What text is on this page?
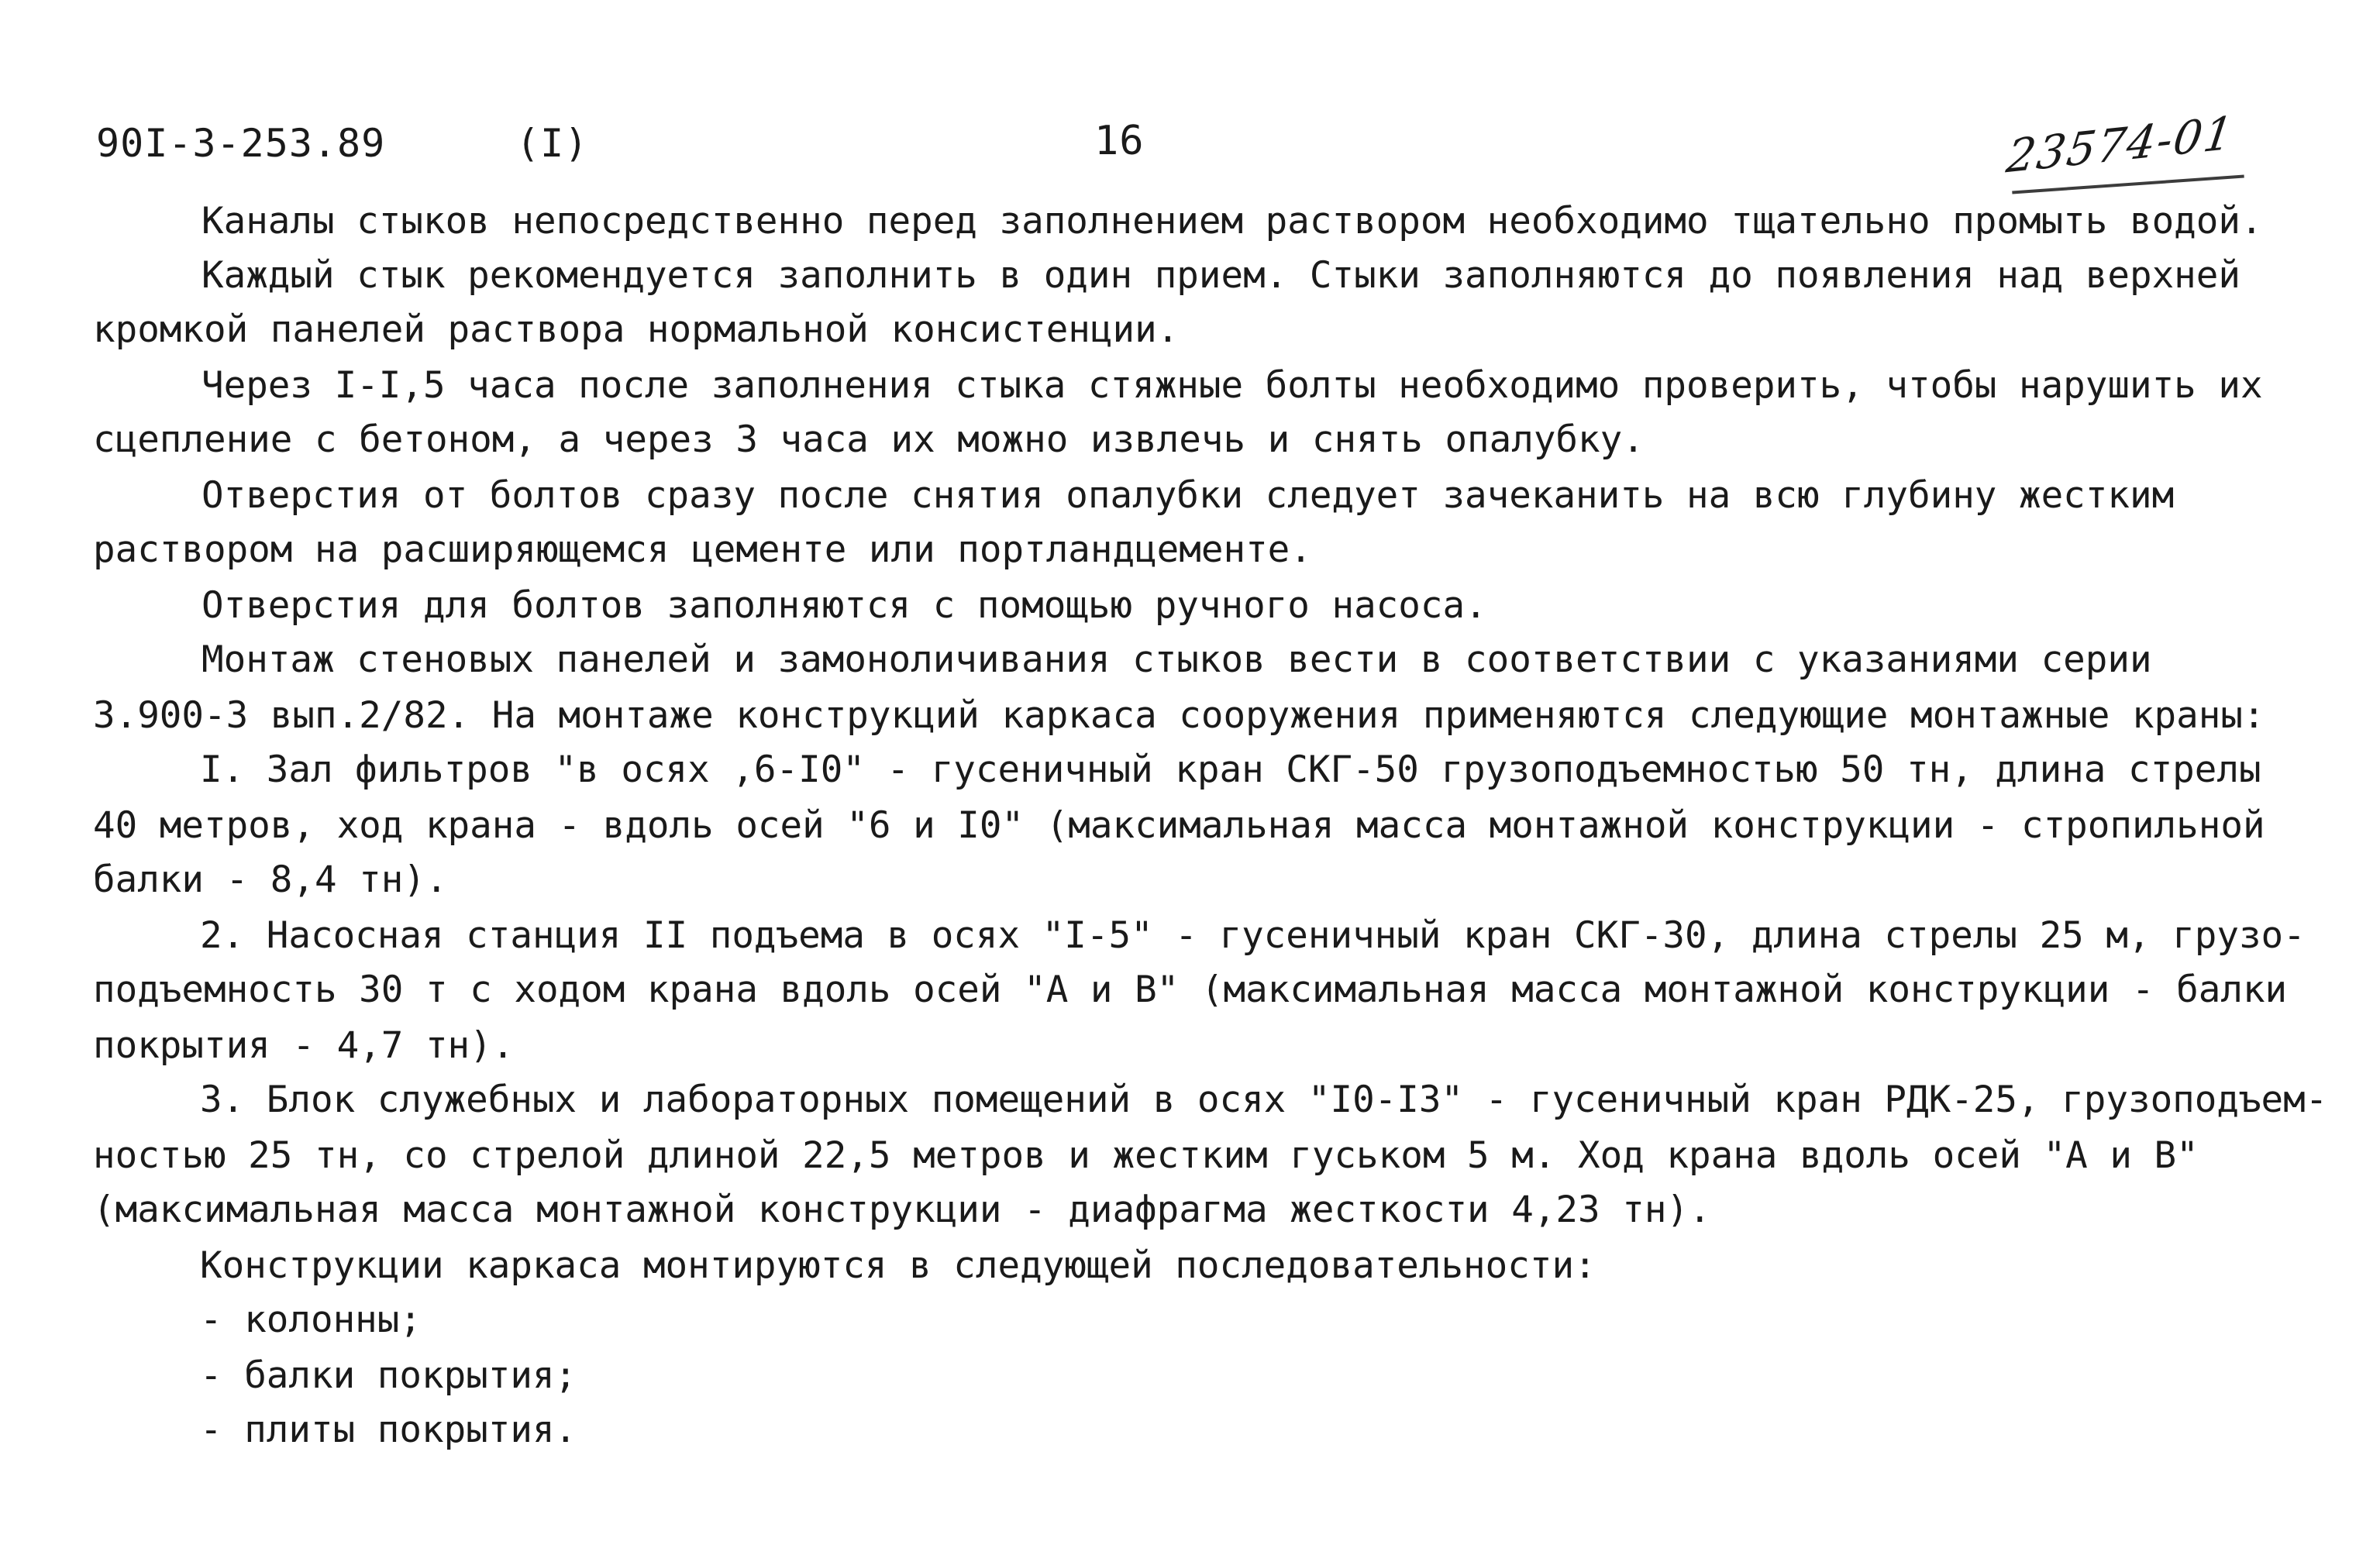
90I-3-253.89	(I)	16	23574-01
Каналы стыков непосредственно перед заполнением раствором необходимо тщательно промыть водой.
Каждый стык рекомендуется заполнить в один прием. Стыки заполняются до появления над верхней
кромкой панелей раствора нормальной консистенции.
Через I-I,5 часа после заполнения стыка стяжные болты необходимо проверить, чтобы нарушить их
сцепление с бетоном, а через 3 часа их можно извлечь и снять опалубку.
Отверстия от болтов сразу после снятия опалубки следует зачеканить на всю глубину жестким
раствором на расширяющемся цементе или портландцементе.
Отверстия для болтов заполняются с помощью ручного насоса.
Монтаж стеновых панелей и замоноличивания стыков вести в соответствии с указаниями серии
3.900-3 вып.2/82. На монтаже конструкций каркаса сооружения применяются следующие монтажные краны:
I. Зал фильтров "в осях ,6-I0" - гусеничный кран СКГ-50 грузоподъемностью 50 тн, длина стрелы
40 метров, ход крана - вдоль осей "6 и I0" (максимальная масса монтажной конструкции - стропильной
балки - 8,4 тн).
2. Насосная станция II подъема в осях "I-5" - гусеничный кран СКГ-30, длина стрелы 25 м, грузо-
подъемность 30 т с ходом крана вдоль осей "А и В" (максимальная масса монтажной конструкции - балки
покрытия - 4,7 тн).
3. Блок служебных и лабораторных помещений в осях "I0-I3" - гусеничный кран РДК-25, грузоподъем-
ностью 25 тн, со стрелой длиной 22,5 метров и жестким гуськом 5 м. Ход крана вдоль осей "А и В"
(максимальная масса монтажной конструкции - диафрагма жесткости 4,23 тн).
Конструкции каркаса монтируются в следующей последовательности:
- колонны;
- балки покрытия;
- плиты покрытия.
